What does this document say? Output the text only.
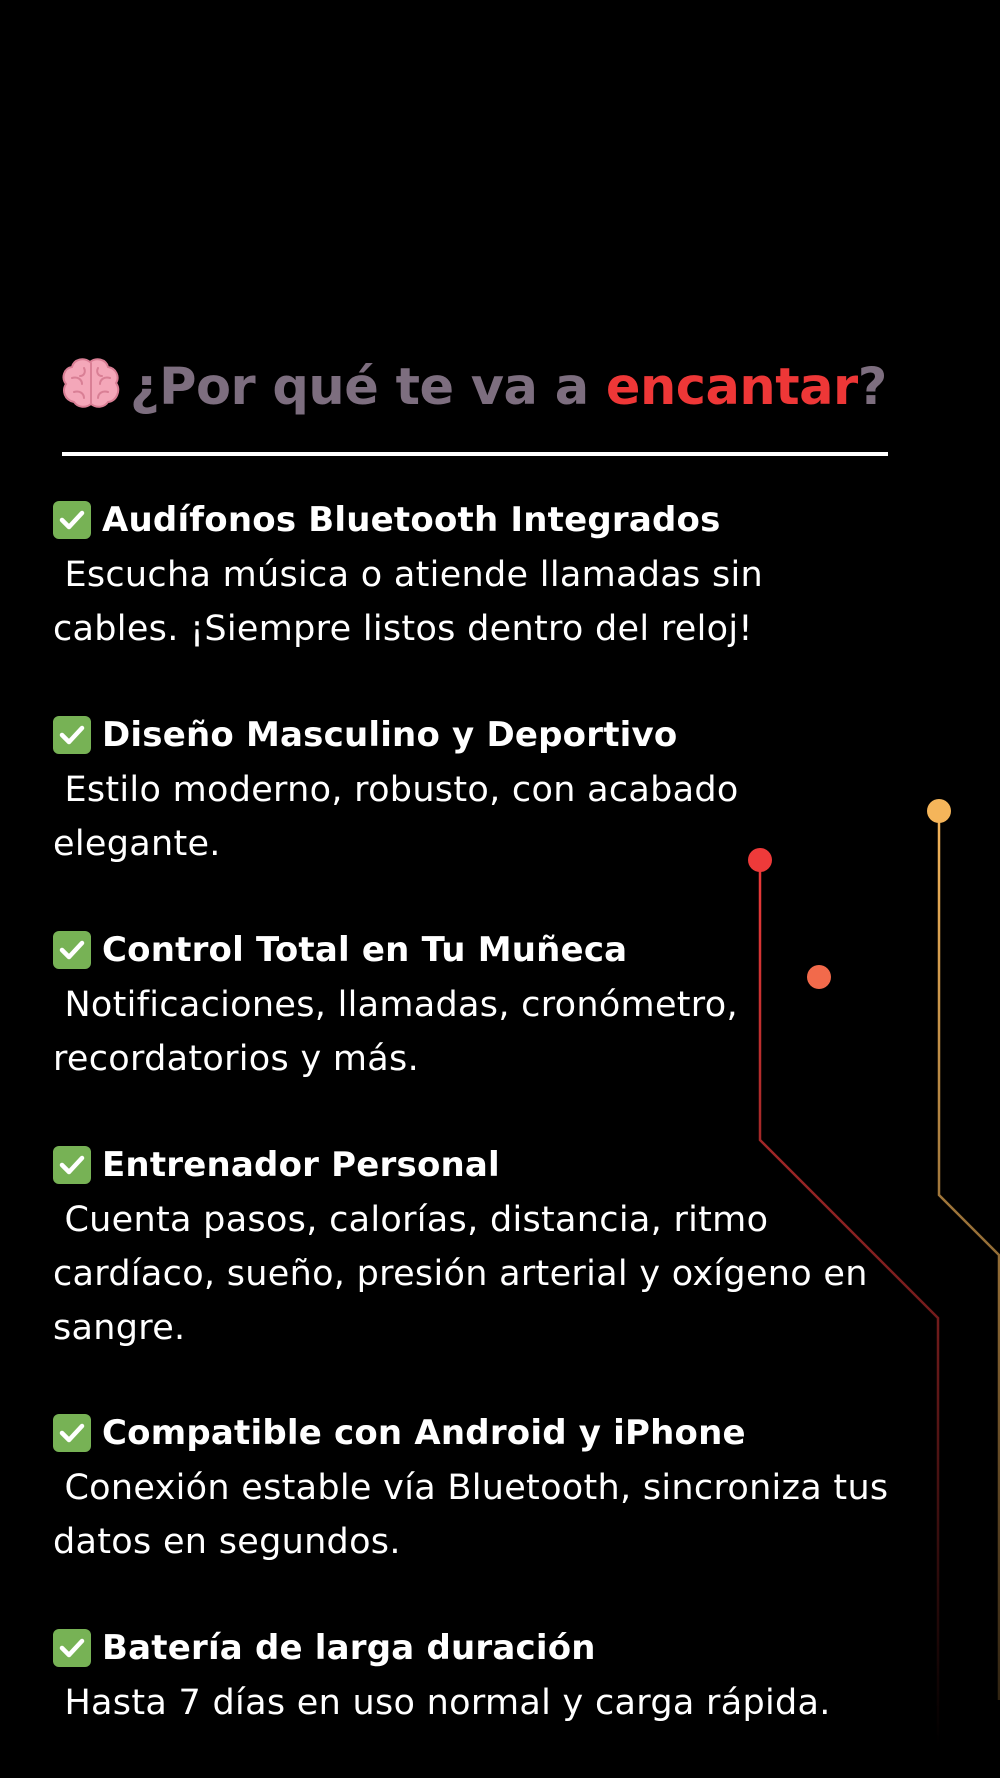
¿Por qué te va a encantar?
Audífonos Bluetooth Integrados
Escucha música o atiende llamadas sin
cables. ¡Siempre listos dentro del reloj!
Diseño Masculino y Deportivo
Estilo moderno, robusto, con acabado
elegante.
Control Total en Tu Muñeca
Notificaciones, llamadas, cronómetro,
recordatorios y más.
Entrenador Personal
Cuenta pasos, calorías, distancia, ritmo
cardíaco, sueño, presión arterial y oxígeno en
sangre.
Compatible con Android y iPhone
Conexión estable vía Bluetooth, sincroniza tus
datos en segundos.
Batería de larga duración
Hasta 7 días en uso normal y carga rápida.
